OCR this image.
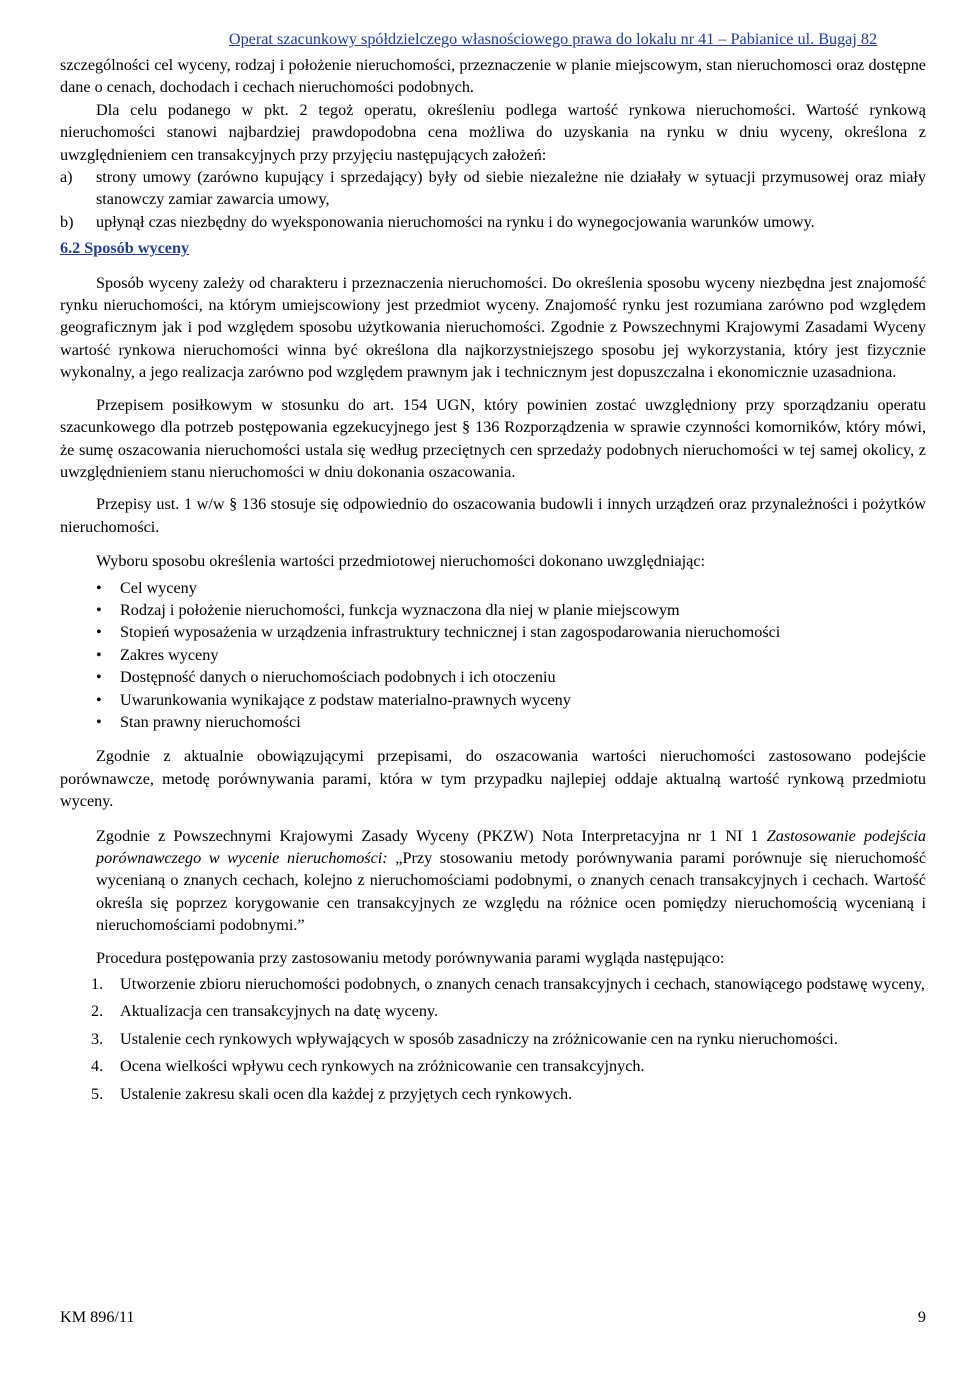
Operat szacunkowy spółdzielczego własnościowego prawa do lokalu nr 41 – Pabianice ul. Bugaj 82

szczególności cel wyceny, rodzaj i położenie nieruchomości, przeznaczenie w planie miejscowym, stan nieruchomosci oraz dostępne dane o cenach, dochodach i cechach nieruchomości podobnych.

Dla celu podanego w pkt. 2 tegoż operatu, określeniu podlega wartość rynkowa nieruchomości. Wartość rynkową nieruchomości stanowi najbardziej prawdopodobna cena możliwa do uzyskania na rynku w dniu wyceny, określona z uwzględnieniem cen transakcyjnych przy przyjęciu następujących założeń:

a) strony umowy (zarówno kupujący i sprzedający) były od siebie niezależne nie działały w sytuacji przymusowej oraz miały stanowczy zamiar zawarcia umowy,
b) upłynął czas niezbędny do wyeksponowania nieruchomości na rynku i do wynegocjowania warunków umowy.
6.2 Sposób wyceny

Sposób wyceny zależy od charakteru i przeznaczenia nieruchomości. Do określenia sposobu wyceny niezbędna jest znajomość rynku nieruchomości, na którym umiejscowiony jest przedmiot wyceny. Znajomość rynku jest rozumiana zarówno pod względem geograficznym jak i pod względem sposobu użytkowania nieruchomości. Zgodnie z Powszechnymi Krajowymi Zasadami Wyceny wartość rynkowa nieruchomości winna być określona dla najkorzystniejszego sposobu jej wykorzystania, który jest fizycznie wykonalny, a jego realizacja zarówno pod względem prawnym jak i technicznym jest dopuszczalna i ekonomicznie uzasadniona.

Przepisem posiłkowym w stosunku do art. 154 UGN, który powinien zostać uwzględniony przy sporządzaniu operatu szacunkowego dla potrzeb postępowania egzekucyjnego jest § 136 Rozporządzenia w sprawie czynności komorników, który mówi, że sumę oszacowania nieruchomości ustala się według przeciętnych cen sprzedaży podobnych nieruchomości w tej samej okolicy, z uwzględnieniem stanu nieruchomości w dniu dokonania oszacowania.

Przepisy ust. 1 w/w § 136 stosuje się odpowiednio do oszacowania budowli i innych urządzeń oraz przynależności i pożytków nieruchomości.

Wyboru sposobu określenia wartości przedmiotowej nieruchomości dokonano uwzględniając:

• Cel wyceny
• Rodzaj i położenie nieruchomości, funkcja wyznaczona dla niej w planie miejscowym
• Stopień wyposażenia w urządzenia infrastruktury technicznej i stan zagospodarowania nieruchomości
• Zakres wyceny
• Dostępność danych o nieruchomościach podobnych i ich otoczeniu
• Uwarunkowania wynikające z podstaw materialno-prawnych wyceny
• Stan prawny nieruchomości

Zgodnie z aktualnie obowiązującymi przepisami, do oszacowania wartości nieruchomości zastosowano podejście porównawcze, metodę porównywania parami, która w tym przypadku najlepiej oddaje aktualną wartość rynkową przedmiotu wyceny.

Zgodnie z Powszechnymi Krajowymi Zasady Wyceny (PKZW) Nota Interpretacyjna nr 1 NI 1 Zastosowanie podejścia porównawczego w wycenie nieruchomości: „Przy stosowaniu metody porównywania parami porównuje się nieruchomość wycenianą o znanych cechach, kolejno z nieruchomościami podobnymi, o znanych cenach transakcyjnych i cechach. Wartość określa się poprzez korygowanie cen transakcyjnych ze względu na różnice ocen pomiędzy nieruchomością wycenianą i nieruchomościami podobnymi.”

Procedura postępowania przy zastosowaniu metody porównywania parami wygląda następująco:

1. Utworzenie zbioru nieruchomości podobnych, o znanych cenach transakcyjnych i cechach, stanowiącego podstawę wyceny,
2. Aktualizacja cen transakcyjnych na datę wyceny.
3. Ustalenie cech rynkowych wpływających w sposób zasadniczy na zróżnicowanie cen na rynku nieruchomości.
4. Ocena wielkości wpływu cech rynkowych na zróżnicowanie cen transakcyjnych.
5. Ustalenie zakresu skali ocen dla każdej z przyjętych cech rynkowych.
KM 896/11	9
